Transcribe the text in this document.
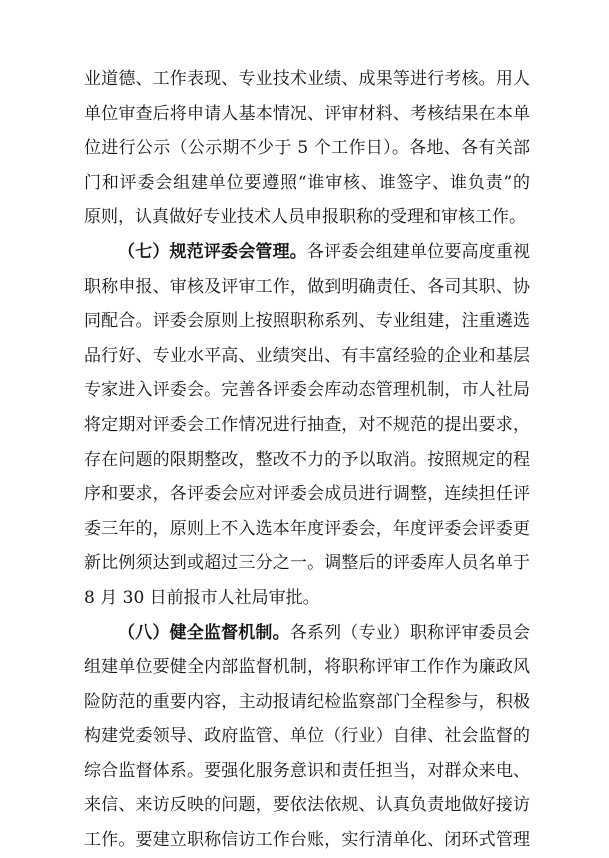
业道德、工作表现、专业技术业绩、成果等进行考核。用人
单位审查后将申请人基本情况、评审材料、考核结果在本单
位进行公示（公示期不少于 5 个工作日）。各地、各有关部
门和评委会组建单位要遵照“谁审核、谁签字、谁负责”的
原则，认真做好专业技术人员申报职称的受理和审核工作。
（七）规范评委会管理。各评委会组建单位要高度重视
职称申报、审核及评审工作，做到明确责任、各司其职、协
同配合。评委会原则上按照职称系列、专业组建，注重遴选
品行好、专业水平高、业绩突出、有丰富经验的企业和基层
专家进入评委会。完善各评委会库动态管理机制，市人社局
将定期对评委会工作情况进行抽查，对不规范的提出要求，
存在问题的限期整改，整改不力的予以取消。按照规定的程
序和要求，各评委会应对评委会成员进行调整，连续担任评
委三年的，原则上不入选本年度评委会，年度评委会评委更
新比例须达到或超过三分之一。调整后的评委库人员名单于
8 月 30 日前报市人社局审批。
（八）健全监督机制。各系列（专业）职称评审委员会
组建单位要健全内部监督机制，将职称评审工作作为廉政风
险防范的重要内容，主动报请纪检监察部门全程参与，积极
构建党委领导、政府监管、单位（行业）自律、社会监督的
综合监督体系。要强化服务意识和责任担当，对群众来电、
来信、来访反映的问题，要依法依规、认真负责地做好接访
工作。要建立职称信访工作台账，实行清单化、闭环式管理
